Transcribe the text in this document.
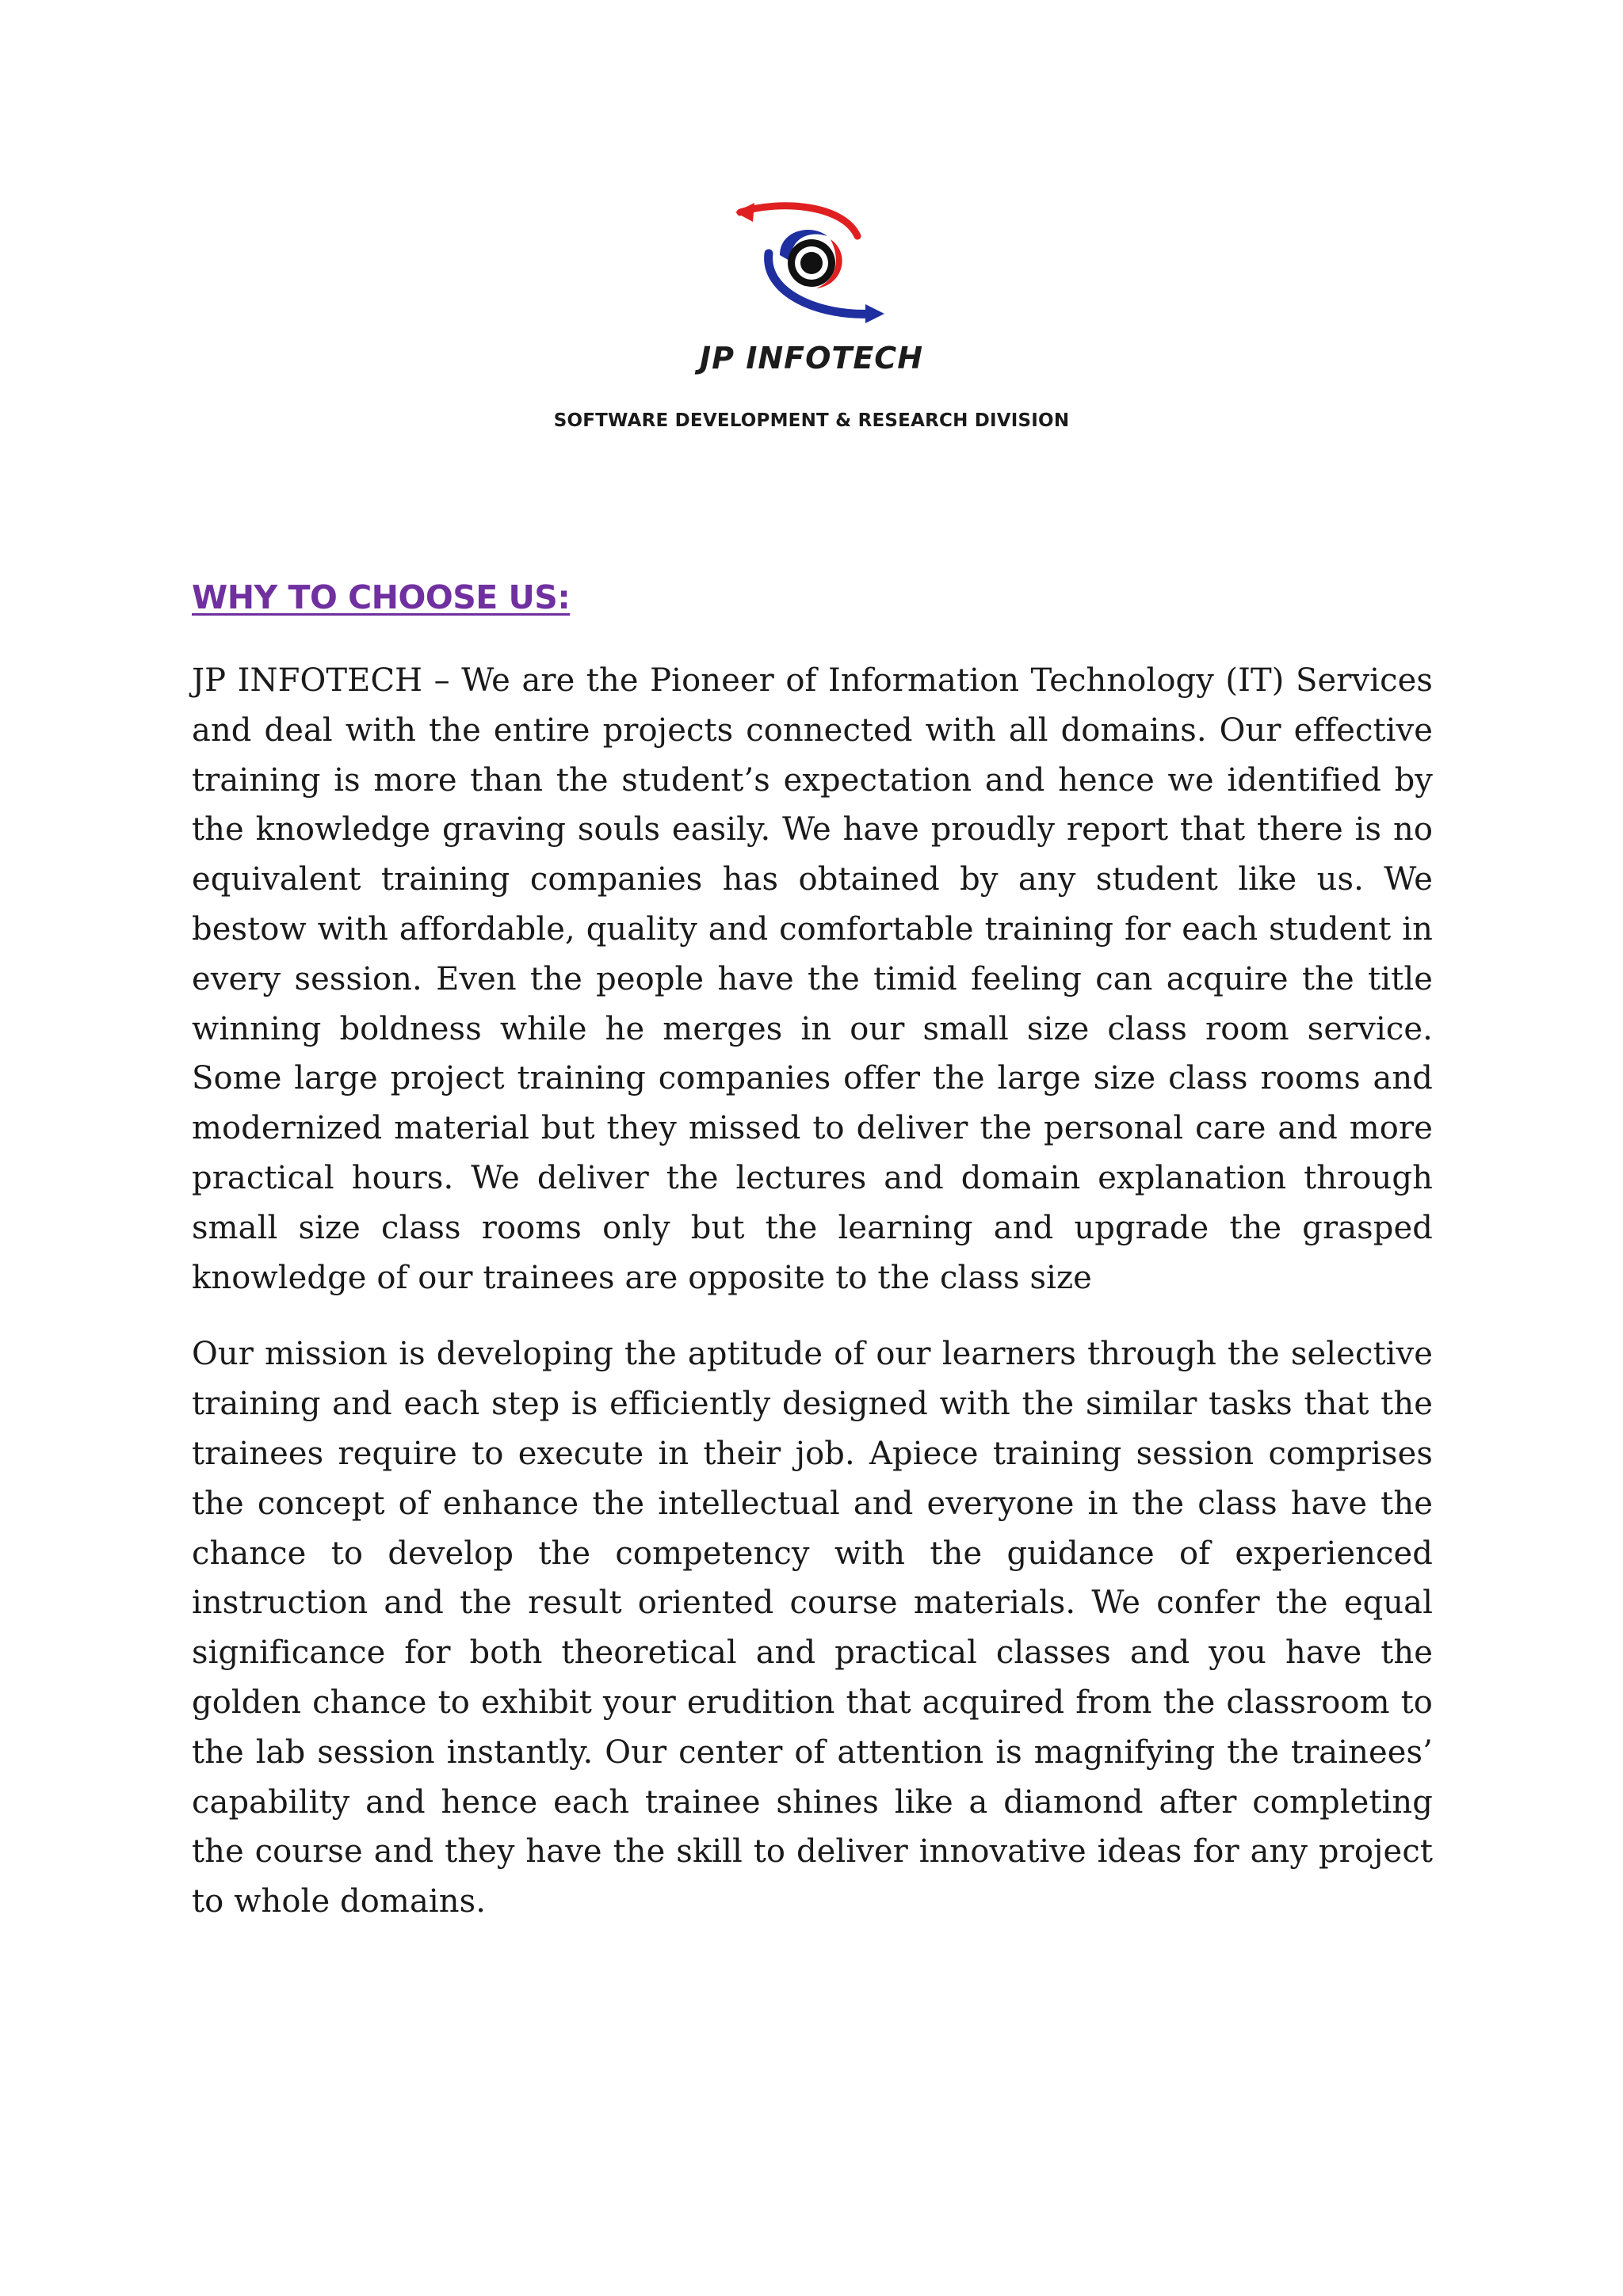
JP INFOTECH
SOFTWARE DEVELOPMENT & RESEARCH DIVISION
WHY TO CHOOSE US:

JP INFOTECH – We are the Pioneer of Information Technology (IT) Services and deal with the entire projects connected with all domains. Our effective training is more than the student’s expectation and hence we identified by the knowledge graving souls easily. We have proudly report that there is no equivalent training companies has obtained by any student like us. We bestow with affordable, quality and comfortable training for each student in every session. Even the people have the timid feeling can acquire the title winning boldness while he merges in our small size class room service. Some large project training companies offer the large size class rooms and modernized material but they missed to deliver the personal care and more practical hours. We deliver the lectures and domain explanation through small size class rooms only but the learning and upgrade the grasped knowledge of our trainees are opposite to the class size

Our mission is developing the aptitude of our learners through the selective training and each step is efficiently designed with the similar tasks that the trainees require to execute in their job. Apiece training session comprises the concept of enhance the intellectual and everyone in the class have the chance to develop the competency with the guidance of experienced instruction and the result oriented course materials. We confer the equal significance for both theoretical and practical classes and you have the golden chance to exhibit your erudition that acquired from the classroom to the lab session instantly. Our center of attention is magnifying the trainees’ capability and hence each trainee shines like a diamond after completing the course and they have the skill to deliver innovative ideas for any project to whole domains.
